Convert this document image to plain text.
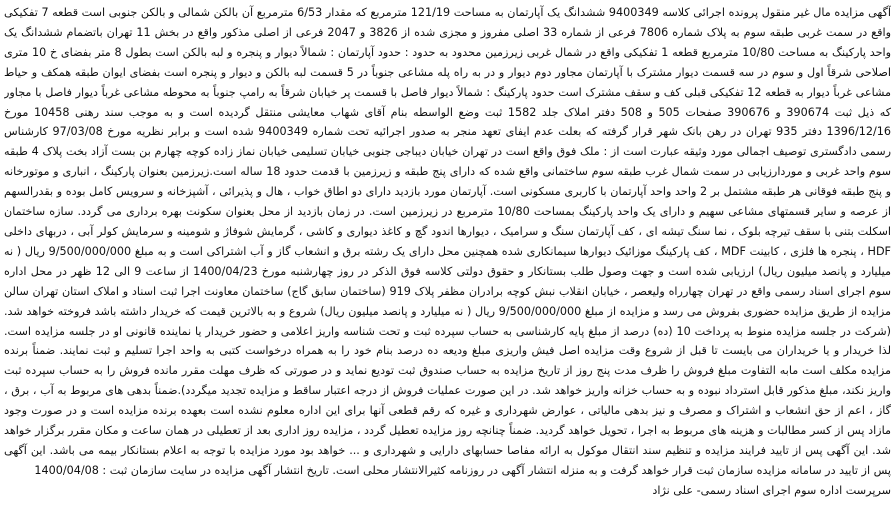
آگهی مزایده مال غیر منقول پرونده اجرائی کلاسه 9400349 ششدانگ یک آپارتمان به مساحت 121/19 مترمربع که مقدار 6/53 مترمربع آن بالکن شمالی و بالکن جنوبی است قطعه 7 تفکیکی واقع در سمت غربی طبقه سوم به پلاک شماره 7806 فرعی از شماره 33 اصلی مفروز و مجزی شده از 3826 و 2047 فرعی از اصلی مذکور واقع در بخش 11 تهران باتضمام ششدانگ یک واحد پارکینگ به مساحت 10/80 مترمربع قطعه 1 تفکیکی واقع در شمال غربی زیرزمین محدود به حدود : حدود آپارتمان : شمالاً دیوار و پنجره و لبه بالکن است بطول 8 متر بفضای خ 10 متری اصلاحی شرقاً اول و سوم در سه قسمت دیوار مشترک با آپارتمان مجاور دوم دیوار و در به راه پله مشاعی جنوباً در 5 قسمت لبه بالکن و دیوار و پنجره است بفضای ایوان طبقه همکف و حیاط مشاعی غرباً دیوار به قطعه 12 تفکیکی قبلی کف و سقف مشترک است حدود پارکینگ : شمالاً دیوار فاصل با قسمت پر خیابان شرقاً به رامپ جنوباً به محوطه مشاعی غرباً دیوار فاصل با مجاور که ذیل ثبت 390674 و 390676 صفحات 505 و 508 دفتر املاک جلد 1582 ثبت وضع الواسطه بنام آقای شهاب معایشی منتقل گردیده است و به موجب سند رهنی 10458 مورخ 1396/12/16 دفتر 935 تهران در رهن بانک شهر قرار گرفته که بعلت عدم ایفای تعهد منجر به صدور اجرائیه تحت شماره 9400349 شده است و برابر نظریه مورخ 97/03/08 کارشناس رسمی دادگستری توصیف اجمالی مورد وثیقه عبارت است از : ملک فوق واقع است در تهران خیابان دیباجی جنوبی خیابان تسلیمی خیابان نماز زاده کوچه چهارم بن بست آزاد بخت پلاک 4 طبقه سوم واحد غربی و موردارزیابی در سمت شمال غرب طبقه سوم ساختمانی واقع شده که دارای پنج طبقه و زیرزمین با قدمت حدود 18 ساله است.زیرزمین بعنوان پارکینگ ، انباری و موتورخانه و پنج طبقه فوقانی هر طبقه مشتمل بر 2 واحد واحد آپارتمان با کاربری مسکونی است. آپارتمان مورد بازدید دارای دو اطاق خواب ، هال و پذیرائی ، آشپزخانه و سرویس کامل بوده و بقدرالسهم از عرصه و سایر قسمتهای مشاعی سهیم و دارای یک واحد پارکینگ بمساحت 10/80 مترمربع در زیرزمین است. در زمان بازدید از محل بعنوان سکونت بهره برداری می گردد. سازه ساختمان اسکلت بتنی با سقف تیرچه بلوک ، نما سنگ تیشه ای ، کف آپارتمان سنگ و سرامیک ، دیوارها اندود گچ و کاغذ دیواری و کاشی ، گرمایش شوفاژ و شومینه و سرمایش کولر آبی ، دربهای داخلی HDF ، پنجره ها فلزی ، کابینت MDF ، کف پارکینگ موزائیک دیوارها سیمانکاری شده همچنین محل دارای یک رشته برق و انشعاب گاز و آب اشتراکی است و به مبلغ 9/500/000/000 ریال ( نه میلیارد و پانصد میلیون ریال) ارزیابی شده است و جهت وصول طلب بستانکار و حقوق دولتی کلاسه فوق الذکر در روز چهارشنبه مورخ 1400/04/23 از ساعت 9 الی 12 ظهر در محل اداره سوم اجرای اسناد رسمی واقع در تهران چهارراه ولیعصر ، خیابان انقلاب نبش کوچه برادران مظفر پلاک 919 (ساختمان سابق گاج) ساختمان معاونت اجرا ثبت اسناد و املاک استان تهران سالن مزایده از طریق مزایده حضوری بفروش می رسد و مزایده از مبلغ 9/500/000/000 ریال ( نه میلیارد و پانصد میلیون ریال) شروع و به بالاترین قیمت که خریدار داشته باشد فروخته خواهد شد. (شرکت در جلسه مزایده منوط به پرداخت 10 (ده) درصد از مبلغ پایه کارشناسی به حساب سپرده ثبت و تحت شناسه واریز اعلامی و حضور خریدار یا نماینده قانونی او در جلسه مزایده است. لذا خریدار و یا خریداران می بایست تا قبل از شروع وقت مزایده اصل فیش واریزی مبلغ ودیعه ده درصد بنام خود را به همراه درخواست کتبی به واحد اجرا تسلیم و ثبت نمایند. ضمناً برنده مزایده مکلف است مابه التفاوت مبلغ فروش را ظرف مدت پنج روز از تاریخ مزایده به حساب صندوق ثبت تودیع نماید و در صورتی که ظرف مهلت مقرر مانده فروش را به حساب سپرده ثبت واریز نکند، مبلغ مذکور قابل استرداد نبوده و به حساب خزانه واریز خواهد شد. در این صورت عملیات فروش از درجه اعتبار ساقط و مزایده تجدید میگردد).ضمناً بدهی های مربوط به آب ، برق ، گاز ، اعم از حق انشعاب و اشتراک و مصرف و نیز بدهی مالیاتی ، عوارض شهرداری و غیره که رقم قطعی آنها برای این اداره معلوم نشده است بعهده برنده مزایده است و در صورت وجود مازاد پس از کسر مطالبات و هزینه های مربوط به اجرا ، تحویل خواهد گردید. ضمناً چنانچه روز مزایده تعطیل گردد ، مزایده روز اداری بعد از تعطیلی در همان ساعت و مکان مقرر برگزار خواهد شد. این آگهی پس از تایید فرایند مزایده و تنظیم سند انتقال موکول به ارائه مفاصا حسابهای دارایی و شهرداری و ... خواهد بود مورد مزایده با توجه به اعلام بستانکار بیمه می باشد. این آگهی پس از تایید در سامانه مزایده سازمان ثبت قرار خواهد گرفت و به منزله انتشار آگهی در روزنامه کثیرالانتشار محلی است. تاریخ انتشار آگهی مزایده در سایت سازمان ثبت : 1400/04/08

سرپرست اداره سوم اجرای اسناد رسمی- علی نژاد
